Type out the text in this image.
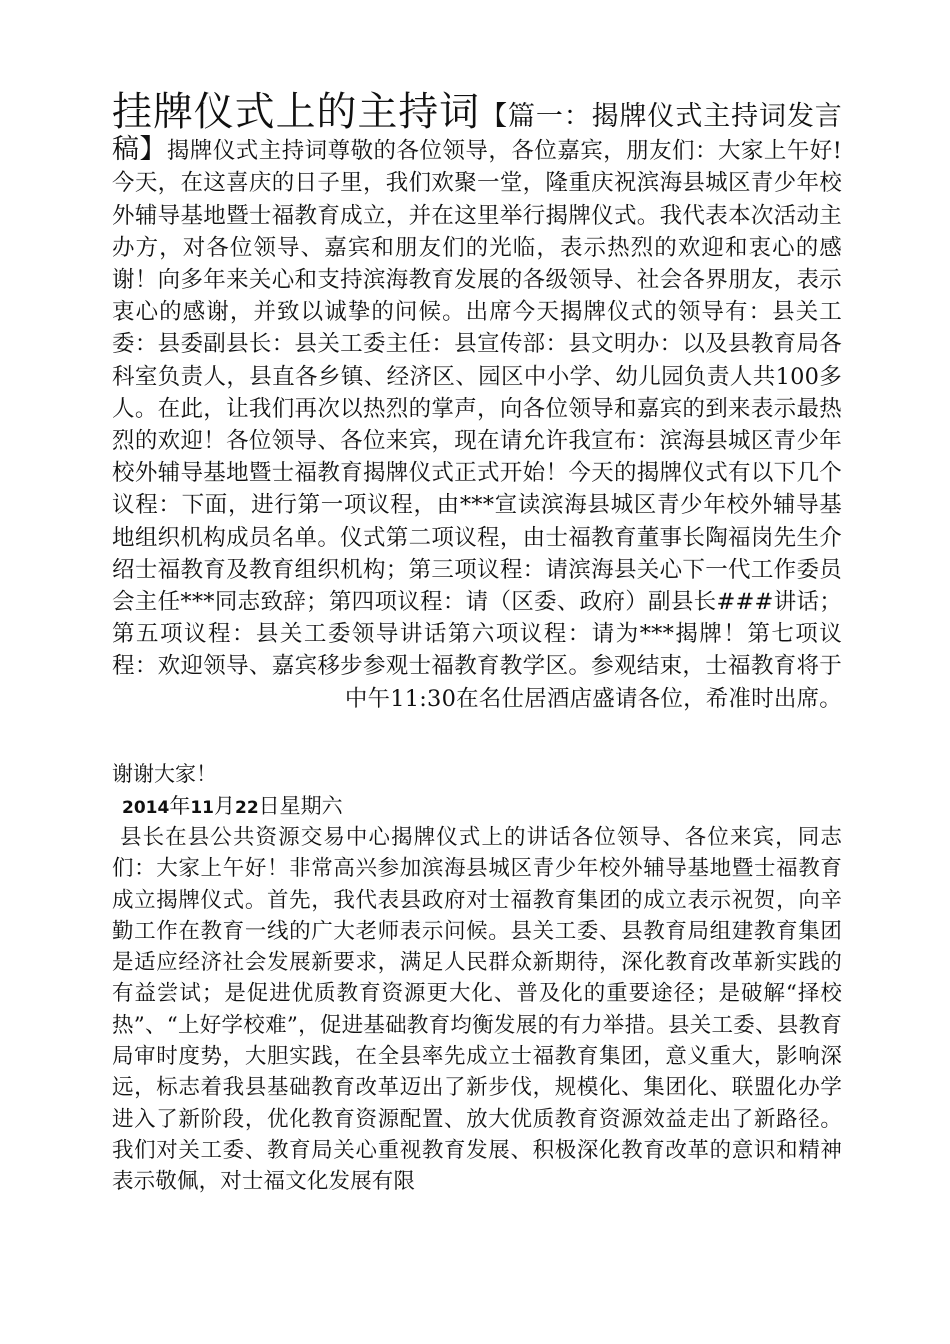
挂牌仪式上的主持词【篇一：揭牌仪式主持词发言稿】揭牌仪式主持词尊敬的各位领导，各位嘉宾，朋友们：大家上午好!今天，在这喜庆的日子里，我们欢聚一堂，隆重庆祝滨海县城区青少年校外辅导基地暨士福教育成立，并在这里举行揭牌仪式。我代表本次活动主办方，对各位领导、嘉宾和朋友们的光临，表示热烈的欢迎和衷心的感谢！向多年来关心和支持滨海教育发展的各级领导、社会各界朋友，表示衷心的感谢，并致以诚挚的问候。出席今天揭牌仪式的领导有：县关工委：县委副县长：县关工委主任：县宣传部：县文明办：以及县教育局各科室负责人，县直各乡镇、经济区、园区中小学、幼儿园负责人共100多人。在此，让我们再次以热烈的掌声，向各位领导和嘉宾的到来表示最热烈的欢迎！各位领导、各位来宾，现在请允许我宣布：滨海县城区青少年校外辅导基地暨士福教育揭牌仪式正式开始！今天的揭牌仪式有以下几个议程：下面，进行第一项议程，由***宣读滨海县城区青少年校外辅导基地组织机构成员名单。仪式第二项议程，由士福教育董事长陶福岗先生介绍士福教育及教育组织机构；第三项议程：请滨海县关心下一代工作委员会主任***同志致辞；第四项议程：请（区委、政府）副县长###讲话；第五项议程：县关工委领导讲话第六项议程：请为***揭牌！第七项议程：欢迎领导、嘉宾移步参观士福教育教学区。参观结束，士福教育将于中午11:30在名仕居酒店盛请各位，希准时出席。

谢谢大家！
2014年11月22日星期六

县长在县公共资源交易中心揭牌仪式上的讲话各位领导、各位来宾，同志们：大家上午好！非常高兴参加滨海县城区青少年校外辅导基地暨士福教育成立揭牌仪式。首先，我代表县政府对士福教育集团的成立表示祝贺，向辛勤工作在教育一线的广大老师表示问候。县关工委、县教育局组建教育集团是适应经济社会发展新要求，满足人民群众新期待，深化教育改革新实践的有益尝试；是促进优质教育资源更大化、普及化的重要途径；是破解“择校热”、“上好学校难”，促进基础教育均衡发展的有力举措。县关工委、县教育局审时度势，大胆实践，在全县率先成立士福教育集团，意义重大，影响深远，标志着我县基础教育改革迈出了新步伐，规模化、集团化、联盟化办学进入了新阶段，优化教育资源配置、放大优质教育资源效益走出了新路径。我们对关工委、教育局关心重视教育发展、积极深化教育改革的意识和精神表示敬佩，对士福文化发展有限
